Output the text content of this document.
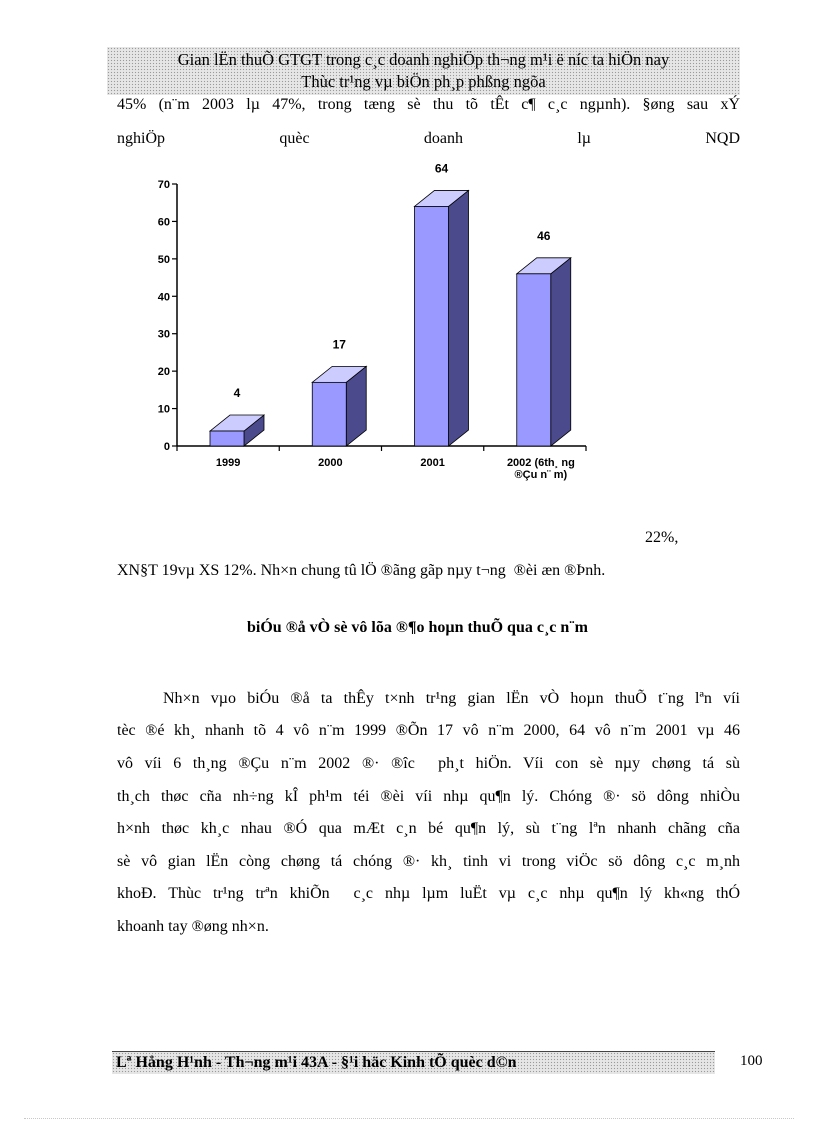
Gian lËn thuÕ GTGT trong c¸c doanh nghiÖp th¬ng m¹i ë níc ta hiÖn nay
Thùc tr¹ng vµ biÖn ph¸p phßng ngõa
45% (n¨m 2003 lµ 47%, trong tæng sè thu tõ tÊt c¶ c¸c ngµnh). §øng sau xÝ
nghiÖp	quèc	doanh	lµ	NQD
0
10
20
30
40
50
60
70
4
1999
17
2000
64
2001
46
2002 (6th¸ ng
®Çu n¨ m)
22%,
XN§T 19vµ XS 12%. Nh×n chung tû lÖ ®ãng gãp nµy t¬ng  ®èi æn ®Þnh.
biÓu ®å vÒ sè vô lõa ®¶o hoµn thuÕ qua c¸c n¨m
Nh×n vµo biÓu ®å ta thÊy t×nh tr¹ng gian lËn vÒ hoµn thuÕ t¨ng lªn víi
tèc ®é kh¸ nhanh tõ 4 vô n¨m 1999 ®Õn 17 vô n¨m 2000, 64 vô n¨m 2001 vµ 46
vô víi 6 th¸ng ®Çu n¨m 2002 ®· ®îc  ph¸t hiÖn. Víi con sè nµy chøng tá sù
th¸ch thøc cña nh÷ng kÎ ph¹m téi ®èi víi nhµ qu¶n lý. Chóng ®· sö dông nhiÒu
h×nh thøc kh¸c nhau ®Ó qua mÆt c¸n bé qu¶n lý, sù t¨ng lªn nhanh chãng cña
sè vô gian lËn còng chøng tá chóng ®· kh¸ tinh vi trong viÖc sö dông c¸c m¸nh
khoÐ. Thùc tr¹ng trªn khiÕn  c¸c nhµ lµm luËt vµ c¸c nhµ qu¶n lý kh«ng thÓ
khoanh tay ®øng nh×n.
Lª Hång H¹nh - Th¬ng m¹i 43A - §¹i häc Kinh tÕ quèc d©n	100
